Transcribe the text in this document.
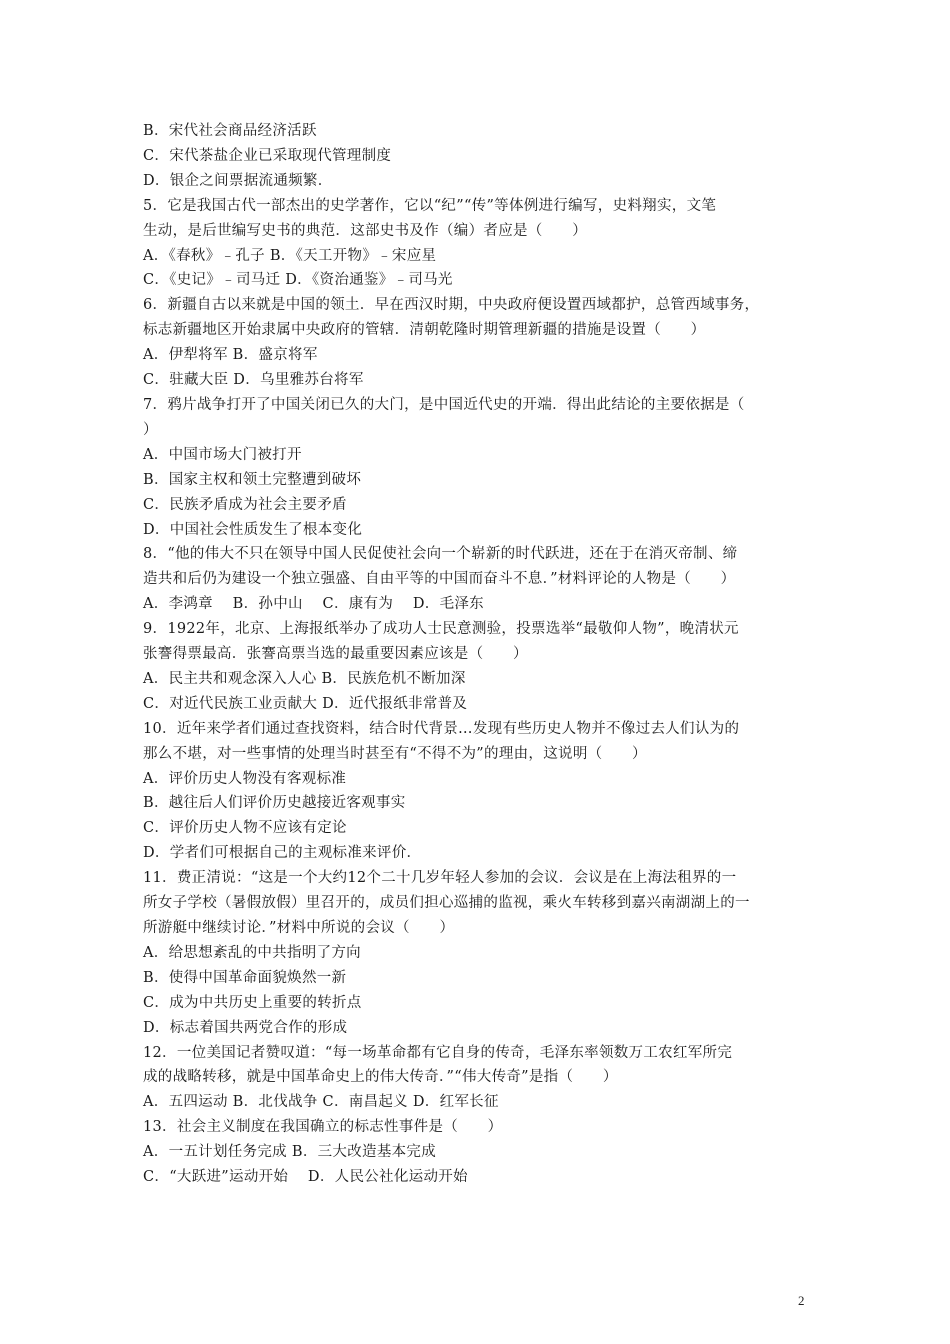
B．宋代社会商品经济活跃
C．宋代茶盐企业已采取现代管理制度
D．银企之间票据流通频繁．
5．它是我国古代一部杰出的史学著作，它以“纪”“传”等体例进行编写，史料翔实，文笔
生动，是后世编写史书的典范．这部史书及作（编）者应是（　　）
A．《春秋》﹣孔子 B．《天工开物》﹣宋应星
C．《史记》﹣司马迁 D．《资治通鉴》﹣司马光
6．新疆自古以来就是中国的领土．早在西汉时期，中央政府便设置西域都护，总管西域事务，
标志新疆地区开始隶属中央政府的管辖．清朝乾隆时期管理新疆的措施是设置（　　）
A．伊犁将军 B．盛京将军
C．驻藏大臣 D．乌里雅苏台将军
7．鸦片战争打开了中国关闭已久的大门，是中国近代史的开端．得出此结论的主要依据是（
）
A．中国市场大门被打开
B．国家主权和领土完整遭到破坏
C．民族矛盾成为社会主要矛盾
D．中国社会性质发生了根本变化
8．“他的伟大不只在领导中国人民促使社会向一个崭新的时代跃进，还在于在消灭帝制、缔
造共和后仍为建设一个独立强盛、自由平等的中国而奋斗不息．”材料评论的人物是（　　）
A．李鸿章　 B．孙中山　 C．康有为　 D．毛泽东
9．1922年，北京、上海报纸举办了成功人士民意测验，投票选举“最敬仰人物”，晚清状元
张謇得票最高．张謇高票当选的最重要因素应该是（　　）
A．民主共和观念深入人心 B．民族危机不断加深
C．对近代民族工业贡献大 D．近代报纸非常普及
10．近年来学者们通过查找资料，结合时代背景…发现有些历史人物并不像过去人们认为的
那么不堪，对一些事情的处理当时甚至有“不得不为”的理由，这说明（　　）
A．评价历史人物没有客观标准
B．越往后人们评价历史越接近客观事实
C．评价历史人物不应该有定论
D．学者们可根据自己的主观标准来评价．
11．费正清说：“这是一个大约12个二十几岁年轻人参加的会议．会议是在上海法租界的一
所女子学校（暑假放假）里召开的，成员们担心巡捕的监视，乘火车转移到嘉兴南湖湖上的一
所游艇中继续讨论．”材料中所说的会议（　　）
A．给思想紊乱的中共指明了方向
B．使得中国革命面貌焕然一新
C．成为中共历史上重要的转折点
D．标志着国共两党合作的形成
12．一位美国记者赞叹道：“每一场革命都有它自身的传奇，毛泽东率领数万工农红军所完
成的战略转移，就是中国革命史上的伟大传奇．”“伟大传奇”是指（　　）
A．五四运动 B．北伐战争 C．南昌起义 D．红军长征
13．社会主义制度在我国确立的标志性事件是（　　）
A．一五计划任务完成 B．三大改造基本完成
C．“大跃进”运动开始　 D．人民公社化运动开始
2
